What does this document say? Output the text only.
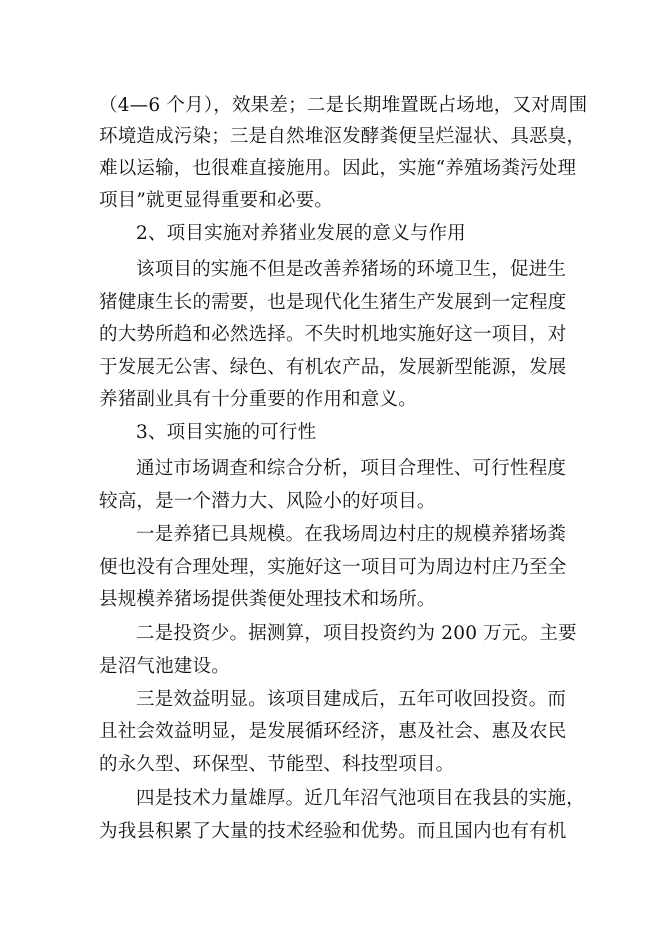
（4—6 个月），效果差；二是长期堆置既占场地，又对周围
环境造成污染；三是自然堆沤发酵粪便呈烂湿状、具恶臭，
难以运输，也很难直接施用。因此，实施“养殖场粪污处理
项目”就更显得重要和必要。
2、项目实施对养猪业发展的意义与作用
该项目的实施不但是改善养猪场的环境卫生，促进生
猪健康生长的需要，也是现代化生猪生产发展到一定程度
的大势所趋和必然选择。不失时机地实施好这一项目，对
于发展无公害、绿色、有机农产品，发展新型能源，发展
养猪副业具有十分重要的作用和意义。
3、项目实施的可行性
通过市场调查和综合分析，项目合理性、可行性程度
较高，是一个潜力大、风险小的好项目。
一是养猪已具规模。在我场周边村庄的规模养猪场粪
便也没有合理处理，实施好这一项目可为周边村庄乃至全
县规模养猪场提供粪便处理技术和场所。
二是投资少。据测算，项目投资约为 200 万元。主要
是沼气池建设。
三是效益明显。该项目建成后，五年可收回投资。而
且社会效益明显，是发展循环经济，惠及社会、惠及农民
的永久型、环保型、节能型、科技型项目。
四是技术力量雄厚。近几年沼气池项目在我县的实施，
为我县积累了大量的技术经验和优势。而且国内也有有机
